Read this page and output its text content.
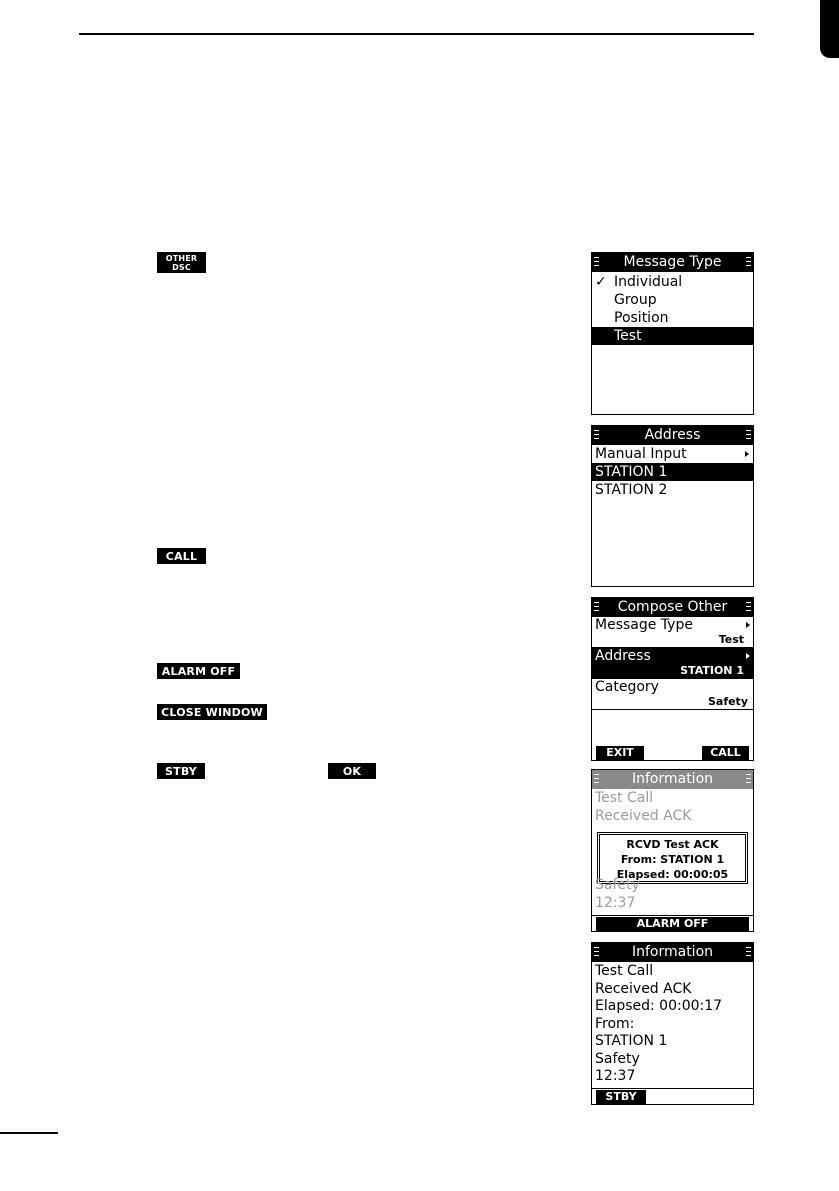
OTHER
DSC
CALL
ALARM OFF
CLOSE WINDOW
STBY	OK
Message Type
✓ Individual
Group
Position
Test
Address
Manual Input
STATION 1
STATION 2
Compose Other
Message Type
Test
Address
STATION 1
Category
Safety
EXIT	CALL
Information
Test Call
Received ACK
RCVD Test ACK
From: STATION 1
Elapsed: 00:00:05
Safety
12:37
ALARM OFF
Information
Test Call
Received ACK
Elapsed: 00:00:17
From:
STATION 1
Safety
12:37
STBY
